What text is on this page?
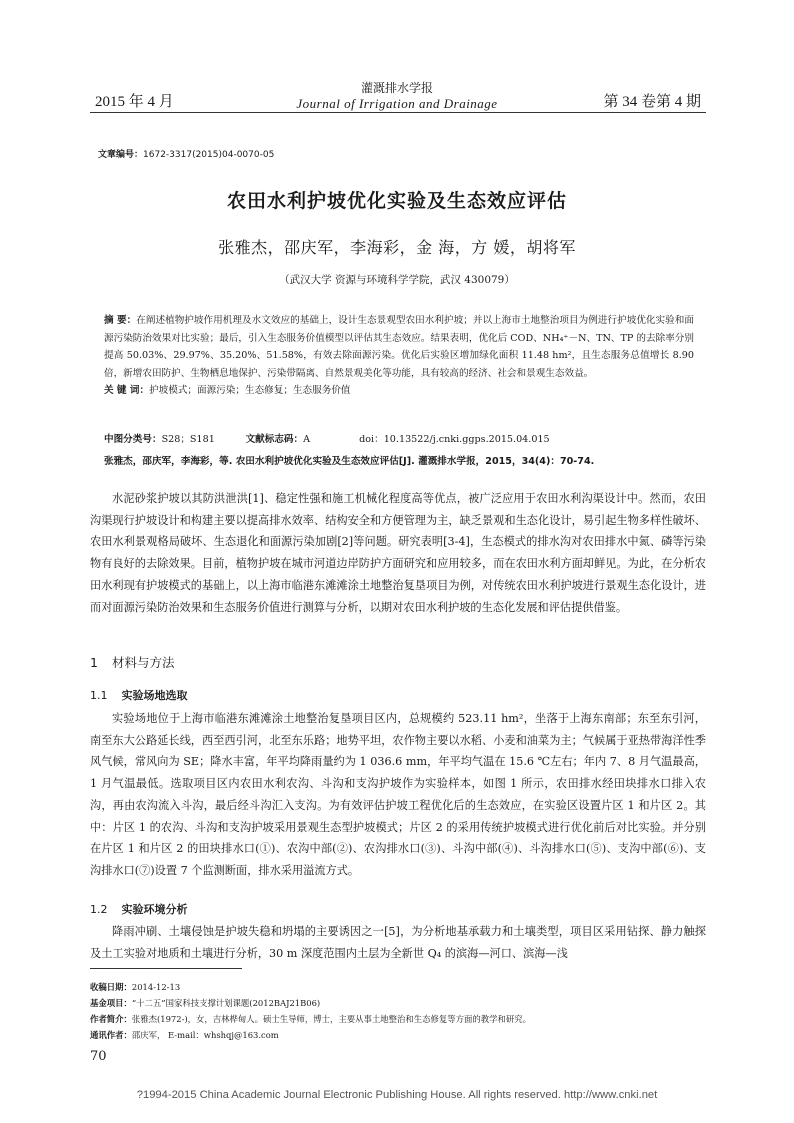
2015 年 4 月
灌溉排水学报
Journal of Irrigation and Drainage	第 34 卷第 4 期
文章编号：1672-3317(2015)04-0070-05
农田水利护坡优化实验及生态效应评估
张雅杰，邵庆军，李海彩，金 海，方 媛，胡将军
（武汉大学 资源与环境科学学院，武汉 430079）
摘 要：在阐述植物护坡作用机理及水文效应的基础上，设计生态景观型农田水利护坡；并以上海市土地整治项目为例进行护坡优化实验和面源污染防治效果对比实验；最后，引入生态服务价值模型以评估其生态效应。结果表明，优化后 COD、NH₄⁺－N、TN、TP 的去除率分别提高 50.03%、29.97%、35.20%、51.58%，有效去除面源污染。优化后实验区增加绿化面积 11.48 hm²，且生态服务总值增长 8.90 倍，新增农田防护、生物栖息地保护、污染带隔离、自然景观美化等功能，具有较高的经济、社会和景观生态效益。
关 键 词：护坡模式；面源污染；生态修复；生态服务价值
中图分类号：S28；S181	文献标志码：A	doi：10.13522/j.cnki.ggps.2015.04.015
张雅杰，邵庆军，李海彩，等. 农田水利护坡优化实验及生态效应评估[J]. 灌溉排水学报，2015，34(4)：70-74.

水泥砂浆护坡以其防洪泄洪[1]、稳定性强和施工机械化程度高等优点，被广泛应用于农田水利沟渠设计中。然而，农田沟渠现行护坡设计和构建主要以提高排水效率、结构安全和方便管理为主，缺乏景观和生态化设计，易引起生物多样性破坏、农田水利景观格局破坏、生态退化和面源污染加剧[2]等问题。研究表明[3-4]，生态模式的排水沟对农田排水中氮、磷等污染物有良好的去除效果。目前，植物护坡在城市河道边岸防护方面研究和应用较多，而在农田水利方面却鲜见。为此，在分析农田水利现有护坡模式的基础上，以上海市临港东滩滩涂土地整治复垦项目为例，对传统农田水利护坡进行景观生态化设计，进而对面源污染防治效果和生态服务价值进行测算与分析，以期对农田水利护坡的生态化发展和评估提供借鉴。

1 材料与方法
1.1 实验场地选取

实验场地位于上海市临港东滩滩涂土地整治复垦项目区内，总规模约 523.11 hm²，坐落于上海东南部；东至东引河，南至东大公路延长线，西至西引河，北至东乐路；地势平坦，农作物主要以水稻、小麦和油菜为主；气候属于亚热带海洋性季风气候，常风向为 SE；降水丰富，年平均降雨量约为 1 036.6 mm，年平均气温在 15.6 ℃左右；年内 7、8 月气温最高，1 月气温最低。选取项目区内农田水利农沟、斗沟和支沟护坡作为实验样本，如图 1 所示，农田排水经田块排水口排入农沟，再由农沟流入斗沟，最后经斗沟汇入支沟。为有效评估护坡工程优化后的生态效应，在实验区设置片区 1 和片区 2。其中：片区 1 的农沟、斗沟和支沟护坡采用景观生态型护坡模式；片区 2 的采用传统护坡模式进行优化前后对比实验。并分别在片区 1 和片区 2 的田块排水口(①)、农沟中部(②)、农沟排水口(③)、斗沟中部(④)、斗沟排水口(⑤)、支沟中部(⑥)、支沟排水口(⑦)设置 7 个监测断面，排水采用溢流方式。

1.2 实验环境分析

降雨冲刷、土壤侵蚀是护坡失稳和坍塌的主要诱因之一[5]，为分析地基承载力和土壤类型，项目区采用钻探、静力触探及土工实验对地质和土壤进行分析，30 m 深度范围内土层为全新世 Q₄ 的滨海—河口、滨海—浅

收稿日期：2014-12-13
基金项目：“十二五”国家科技支撑计划课题(2012BAJ21B06)
作者简介：张雅杰(1972-)，女，吉林桦甸人。硕士生导师，博士，主要从事土地整治和生态修复等方面的教学和研究。
通讯作者：邵庆军， E-mail：whshqj@163.com
70
?1994-2015 China Academic Journal Electronic Publishing House. All rights reserved. http://www.cnki.net
